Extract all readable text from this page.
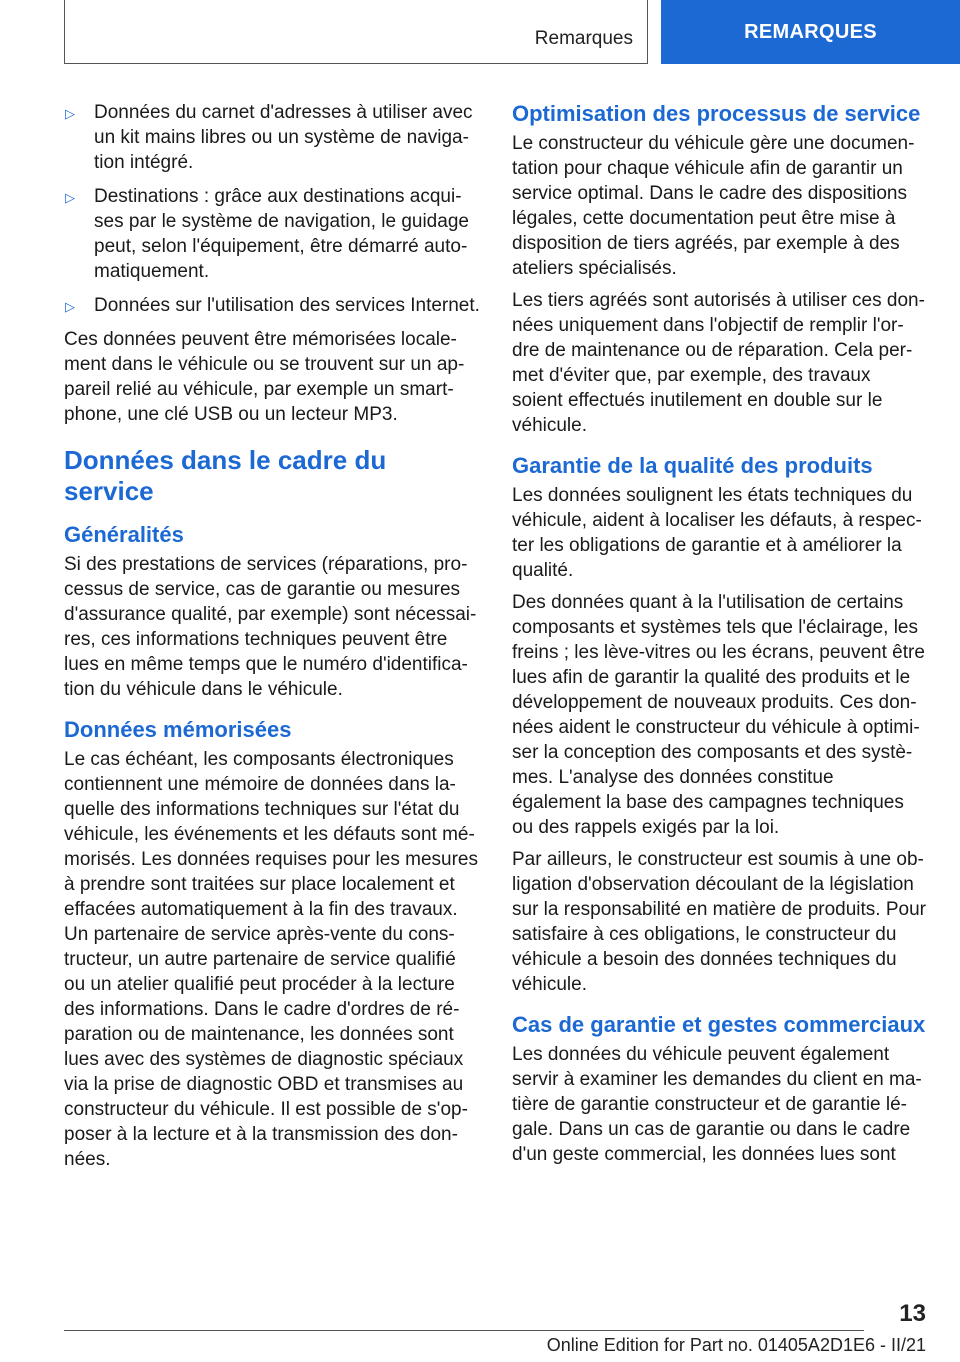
Remarques	REMARQUES
▷ Données du carnet d'adresses à utiliser avec un kit mains libres ou un système de naviga-tion intégré.
▷ Destinations : grâce aux destinations acqui-ses par le système de navigation, le guidage peut, selon l'équipement, être démarré auto-matiquement.
▷ Données sur l'utilisation des services Internet.

Ces données peuvent être mémorisées locale-ment dans le véhicule ou se trouvent sur un ap-pareil relié au véhicule, par exemple un smart-phone, une clé USB ou un lecteur MP3.

Données dans le cadre du service
Généralités

Si des prestations de services (réparations, pro-cessus de service, cas de garantie ou mesures d'assurance qualité, par exemple) sont nécessai-res, ces informations techniques peuvent être lues en même temps que le numéro d'identifica-tion du véhicule dans le véhicule.

Données mémorisées

Le cas échéant, les composants électroniques contiennent une mémoire de données dans la-quelle des informations techniques sur l'état du véhicule, les événements et les défauts sont mé-morisés. Les données requises pour les mesures à prendre sont traitées sur place localement et effacées automatiquement à la fin des travaux. Un partenaire de service après-vente du cons-tructeur, un autre partenaire de service qualifié ou un atelier qualifié peut procéder à la lecture des informations. Dans le cadre d'ordres de ré-paration ou de maintenance, les données sont lues avec des systèmes de diagnostic spéciaux via la prise de diagnostic OBD et transmises au constructeur du véhicule. Il est possible de s'op-poser à la lecture et à la transmission des don-nées.

Optimisation des processus de service

Le constructeur du véhicule gère une documen-tation pour chaque véhicule afin de garantir un service optimal. Dans le cadre des dispositions légales, cette documentation peut être mise à disposition de tiers agréés, par exemple à des ateliers spécialisés.

Les tiers agréés sont autorisés à utiliser ces don-nées uniquement dans l'objectif de remplir l'or-dre de maintenance ou de réparation. Cela per-met d'éviter que, par exemple, des travaux soient effectués inutilement en double sur le véhicule.

Garantie de la qualité des produits

Les données soulignent les états techniques du véhicule, aident à localiser les défauts, à respec-ter les obligations de garantie et à améliorer la qualité.

Des données quant à la l'utilisation de certains composants et systèmes tels que l'éclairage, les freins ; les lève-vitres ou les écrans, peuvent être lues afin de garantir la qualité des produits et le développement de nouveaux produits. Ces don-nées aident le constructeur du véhicule à optimi-ser la conception des composants et des systè-mes. L'analyse des données constitue également la base des campagnes techniques ou des rappels exigés par la loi.

Par ailleurs, le constructeur est soumis à une ob-ligation d'observation découlant de la législation sur la responsabilité en matière de produits. Pour satisfaire à ces obligations, le constructeur du véhicule a besoin des données techniques du véhicule.

Cas de garantie et gestes commerciaux

Les données du véhicule peuvent également servir à examiner les demandes du client en ma-tière de garantie constructeur et de garantie lé-gale. Dans un cas de garantie ou dans le cadre d'un geste commercial, les données lues sont

13
Online Edition for Part no. 01405A2D1E6 - II/21
